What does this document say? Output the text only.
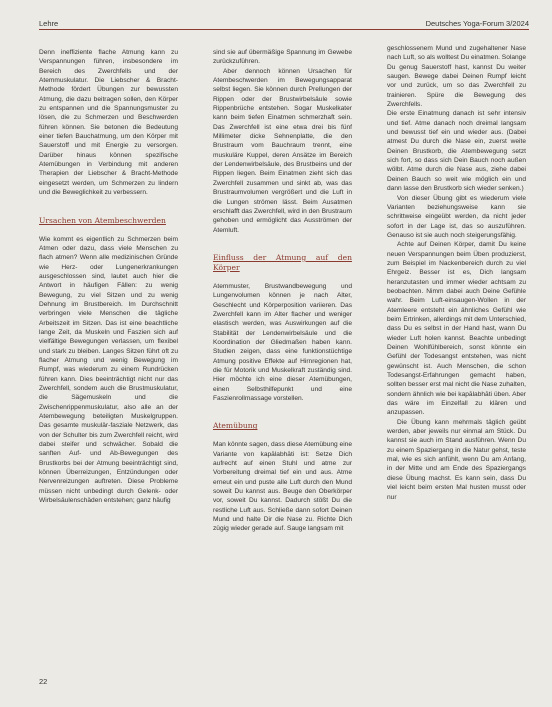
Lehre	Deutsches Yoga-Forum 3/2024

Denn ineffiziente flache Atmung kann zu Verspannungen führen, insbesondere im Bereich des Zwerchfells und der Atemmuskulatur. Die Liebscher & Bracht-Methode fördert Übungen zur bewussten Atmung, die dazu beitragen sollen, den Körper zu entspannen und die Spannungsmuster zu lösen, die zu Schmerzen und Beschwerden führen können. Sie betonen die Bedeutung einer tiefen Bauchatmung, um den Körper mit Sauerstoff und mit Energie zu versorgen. Darüber hinaus können spezifische Atemübungen in Verbindung mit anderen Therapien der Liebscher & Bracht-Methode eingesetzt werden, um Schmerzen zu lindern und die Beweglichkeit zu verbessern.

Ursachen von Atembeschwerden

Wie kommt es eigentlich zu Schmerzen beim Atmen oder dazu, dass viele Menschen zu flach atmen? Wenn alle medizinischen Gründe wie Herz- oder Lungenerkrankungen ausgeschlossen sind, lautet auch hier die Antwort in häufigen Fällen: zu wenig Bewegung, zu viel Sitzen und zu wenig Dehnung im Brustbereich. Im Durchschnitt verbringen viele Menschen die tägliche Arbeitszeit im Sitzen. Das ist eine beachtliche lange Zeit, da Muskeln und Faszien sich auf vielfältige Bewegungen verlassen, um flexibel und stark zu bleiben. Langes Sitzen führt oft zu flacher Atmung und wenig Bewegung im Rumpf, was wiederum zu einem Rundrücken führen kann. Dies beeinträchtigt nicht nur das Zwerchfell, sondern auch die Brustmuskulatur, die Sägemuskeln und die Zwischenrippenmuskulatur, also alle an der Atembewegung beteiligten Muskelgruppen. Das gesamte muskulär-fasziale Netzwerk, das von der Schulter bis zum Zwerchfell reicht, wird dabei steifer und schwächer. Sobald die sanften Auf- und Ab-Bewegungen des Brustkorbs bei der Atmung beeinträchtigt sind, können Überreizungen, Entzündungen oder Nervenreizungen auftreten. Diese Probleme müssen nicht unbedingt durch Gelenk- oder Wirbelsäulenschäden entstehen; ganz häufig

sind sie auf übermäßige Spannung im Gewebe zurückzuführen.

Aber dennoch können Ursachen für Atembeschwerden im Bewegungsapparat selbst liegen. Sie können durch Prellungen der Rippen oder der Brustwirbelsäule sowie Rippenbrüche entstehen. Sogar Muskelkater kann beim tiefen Einatmen schmerzhaft sein. Das Zwerchfell ist eine etwa drei bis fünf Millimeter dicke Sehnenplatte, die den Brustraum vom Bauchraum trennt, eine muskuläre Kuppel, deren Ansätze im Bereich der Lendenwirbelsäule, des Brustbeins und der Rippen liegen. Beim Einatmen zieht sich das Zwerchfell zusammen und sinkt ab, was das Brustraumvolumen vergrößert und die Luft in die Lungen strömen lässt. Beim Ausatmen erschlafft das Zwerchfell, wird in den Brustraum gehoben und ermöglicht das Ausströmen der Atemluft.

Einfluss der Atmung auf den Körper

Atemmuster, Brustwandbewegung und Lungenvolumen können je nach Alter, Geschlecht und Körperposition variieren. Das Zwerchfell kann im Alter flacher und weniger elastisch werden, was Auswirkungen auf die Stabilität der Lendenwirbelsäule und die Koordination der Gliedmaßen haben kann. Studien zeigen, dass eine funktionstüchtige Atmung positive Effekte auf Hirnregionen hat, die für Motorik und Muskelkraft zuständig sind. Hier möchte ich eine dieser Atemübungen, einen Selbsthilfepunkt und eine Faszienrollmassage vorstellen.

Atemübung

Man könnte sagen, dass diese Atemübung eine Variante von kapālabhāti ist: Setze Dich aufrecht auf einen Stuhl und atme zur Vorbereitung dreimal tief ein und aus. Atme erneut ein und puste alle Luft durch den Mund soweit Du kannst aus. Beuge den Oberkörper vor, soweit Du kannst. Dadurch stößt Du die restliche Luft aus. Schließe dann sofort Deinen Mund und halte Dir die Nase zu. Richte Dich zügig wieder gerade auf. Sauge langsam mit

geschlossenem Mund und zugehaltener Nase nach Luft, so als wolltest Du einatmen. Solange Du genug Sauerstoff hast, kannst Du weiter saugen. Bewege dabei Deinen Rumpf leicht vor und zurück, um so das Zwerchfell zu trainieren. Spüre die Bewegung des Zwerchfells.

Die erste Einatmung danach ist sehr intensiv und tief. Atme danach noch dreimal langsam und bewusst tief ein und wieder aus. (Dabei atmest Du durch die Nase ein, zuerst weite Deinen Brustkorb, die Atembewegung setzt sich fort, so dass sich Dein Bauch noch außen wölbt. Atme durch die Nase aus, ziehe dabei Deinen Bauch so weit wie möglich ein und dann lasse den Brustkorb sich wieder senken.)

Von dieser Übung gibt es wiederum viele Varianten beziehungsweise kann sie schrittweise eingeübt werden, da nicht jeder sofort in der Lage ist, das so auszuführen. Genauso ist sie auch noch steigerungsfähig.

Achte auf Deinen Körper, damit Du keine neuen Verspannungen beim Üben produzierst, zum Beispiel im Nackenbereich durch zu viel Ehrgeiz. Besser ist es, Dich langsam heranzutasten und immer wieder achtsam zu beobachten. Nimm dabei auch Deine Gefühle wahr. Beim Luft-einsaugen-Wollen in der Atemleere entsteht ein ähnliches Gefühl wie beim Ertrinken, allerdings mit dem Unterschied, dass Du es selbst in der Hand hast, wann Du wieder Luft holen kannst. Beachte unbedingt Deinen Wohlfühlbereich, sonst könnte ein Gefühl der Todesangst entstehen, was nicht gewünscht ist. Auch Menschen, die schon Todesangst-Erfahrungen gemacht haben, sollten besser erst mal nicht die Nase zuhalten, sondern ähnlich wie bei kapālabhāti üben. Aber das wäre im Einzelfall zu klären und anzupassen.

Die Übung kann mehrmals täglich geübt werden, aber jeweils nur einmal am Stück. Du kannst sie auch im Stand ausführen. Wenn Du zu einem Spaziergang in die Natur gehst, teste mal, wie es sich anfühlt, wenn Du am Anfang, in der Mitte und am Ende des Spaziergangs diese Übung machst. Es kann sein, dass Du viel leicht beim ersten Mal husten musst oder nur

22
